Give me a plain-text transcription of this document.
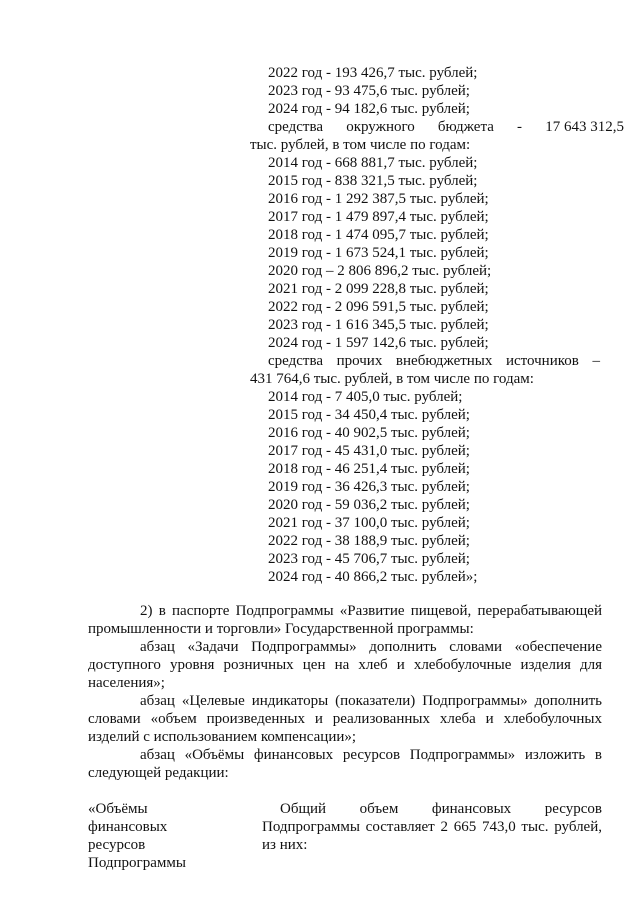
2022 год - 193 426,7 тыс. рублей;
2023 год - 93 475,6 тыс. рублей;
2024 год - 94 182,6 тыс. рублей;
средства окружного бюджета - 17 643 312,5
тыс. рублей, в том числе по годам:
2014 год - 668 881,7 тыс. рублей;
2015 год - 838 321,5 тыс. рублей;
2016 год - 1 292 387,5 тыс. рублей;
2017 год - 1 479 897,4 тыс. рублей;
2018 год - 1 474 095,7 тыс. рублей;
2019 год - 1 673 524,1 тыс. рублей;
2020 год – 2 806 896,2 тыс. рублей;
2021 год - 2 099 228,8 тыс. рублей;
2022 год - 2 096 591,5 тыс. рублей;
2023 год - 1 616 345,5 тыс. рублей;
2024 год - 1 597 142,6 тыс. рублей;
средства прочих внебюджетных источников –
431 764,6 тыс. рублей, в том числе по годам:
2014 год - 7 405,0 тыс. рублей;
2015 год - 34 450,4 тыс. рублей;
2016 год - 40 902,5 тыс. рублей;
2017 год - 45 431,0 тыс. рублей;
2018 год - 46 251,4 тыс. рублей;
2019 год - 36 426,3 тыс. рублей;
2020 год - 59 036,2 тыс. рублей;
2021 год - 37 100,0 тыс. рублей;
2022 год - 38 188,9 тыс. рублей;
2023 год - 45 706,7 тыс. рублей;
2024 год - 40 866,2 тыс. рублей»;
2) в паспорте Подпрограммы «Развитие пищевой, перерабатывающей
промышленности и торговли» Государственной программы:
абзац «Задачи Подпрограммы» дополнить словами «обеспечение
доступного уровня розничных цен на хлеб и хлебобулочные изделия для
населения»;
абзац «Целевые индикаторы (показатели) Подпрограммы» дополнить
словами «объем произведенных и реализованных хлеба и хлебобулочных
изделий с использованием компенсации»;
абзац «Объёмы финансовых ресурсов Подпрограммы» изложить в
следующей редакции:
«Объёмы
финансовых
ресурсов
Подпрограммы
Общий объем финансовых ресурсов
Подпрограммы составляет 2 665 743,0 тыс. рублей,
из них:
